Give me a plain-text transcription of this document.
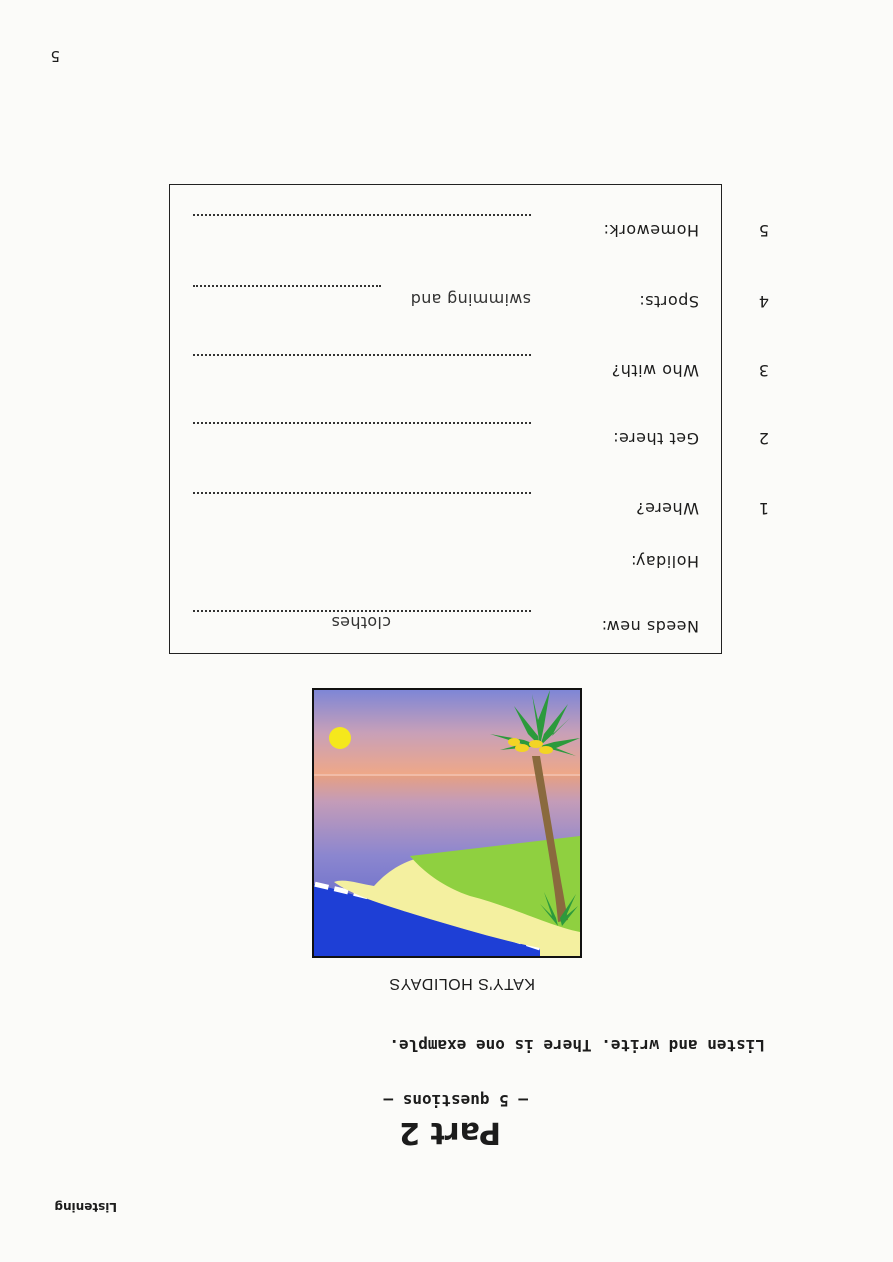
5
Listening
Part 2
– 5 questions –
Listen and write. There is one example.
KATY'S HOLIDAYS
Needs new:
clothes
Holiday:
1
Where?
2
Get there:
3
Who with?
4
Sports:
swimming and
5
Homework:
